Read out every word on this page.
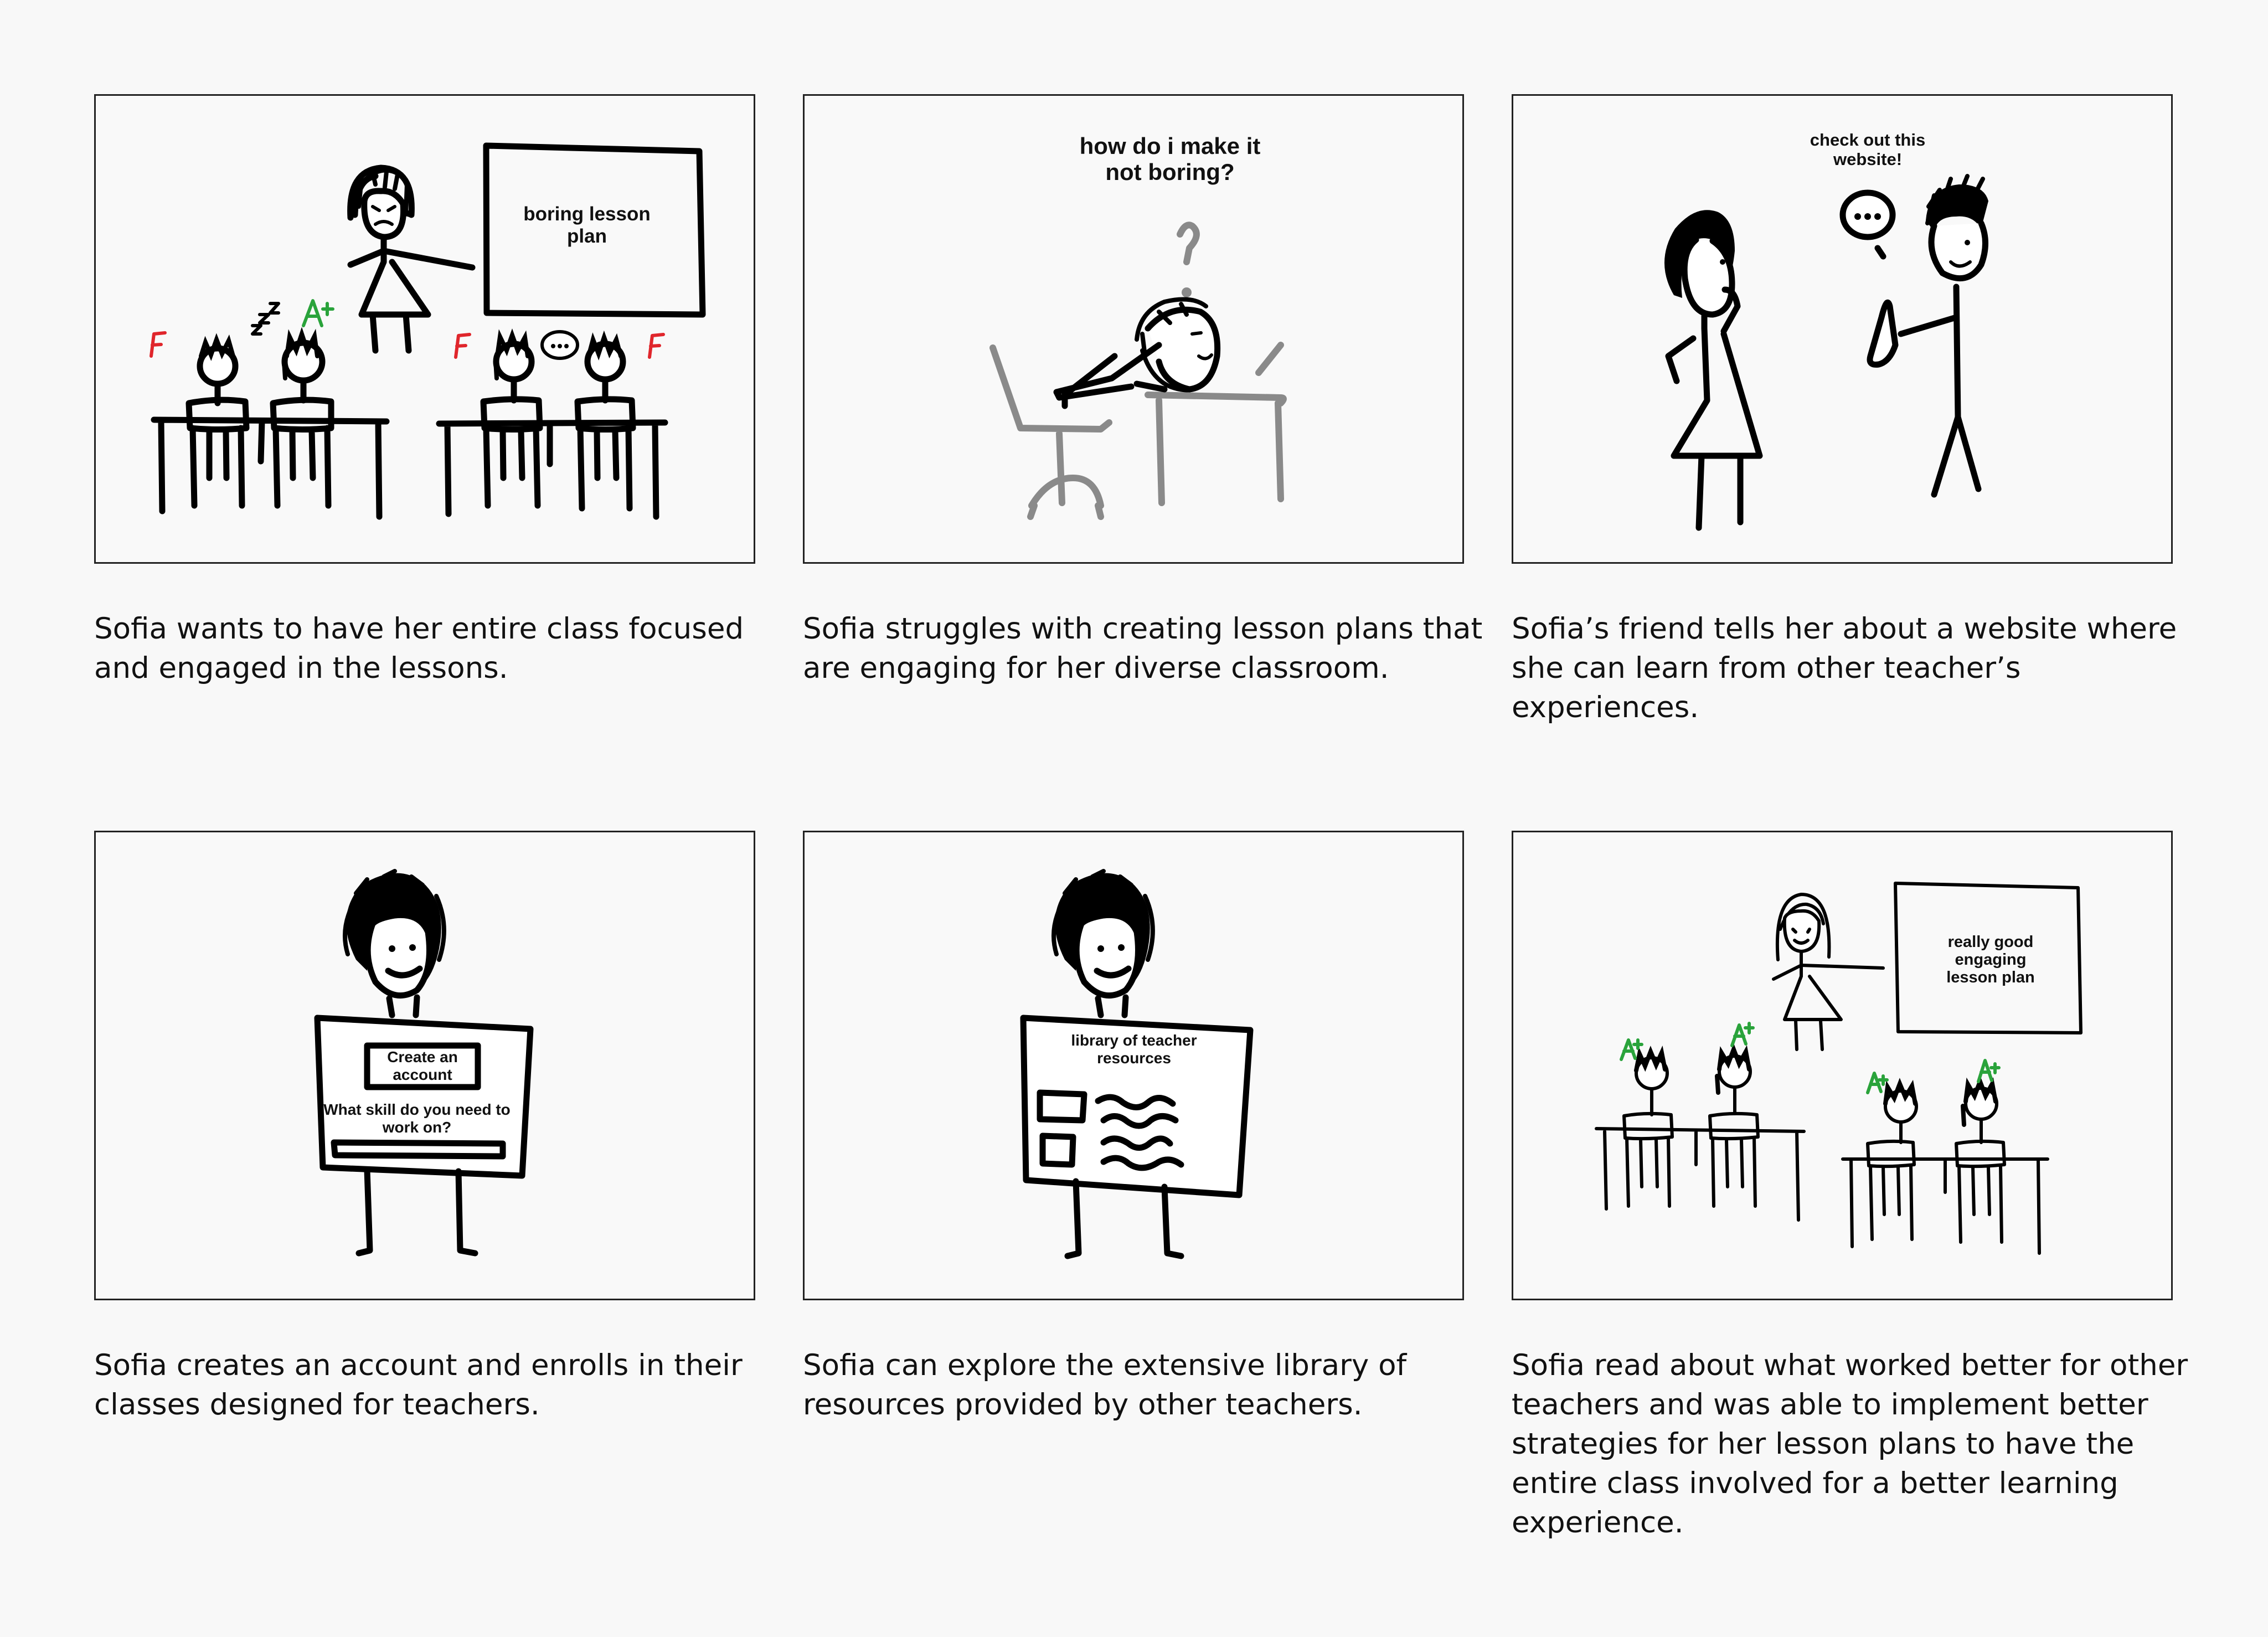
boring lesson
plan

Sofia wants to have her entire class focused
and engaged in the lessons.

how do i make it
not boring?

Sofia struggles with creating lesson plans that
are engaging for her diverse classroom.

check out this
website!

Sofia’s friend tells her about a website where
she can learn from other teacher’s experiences.

Create an
account
What skill do you need to
work on?

Sofia creates an account and enrolls in their
classes designed for teachers.

library of teacher
resources

Sofia can explore the extensive library of
resources provided by other teachers.

really good
engaging
lesson plan

Sofia read about what worked better for other
teachers and was able to implement better
strategies for her lesson plans to have the
entire class involved for a better learning
experience.
